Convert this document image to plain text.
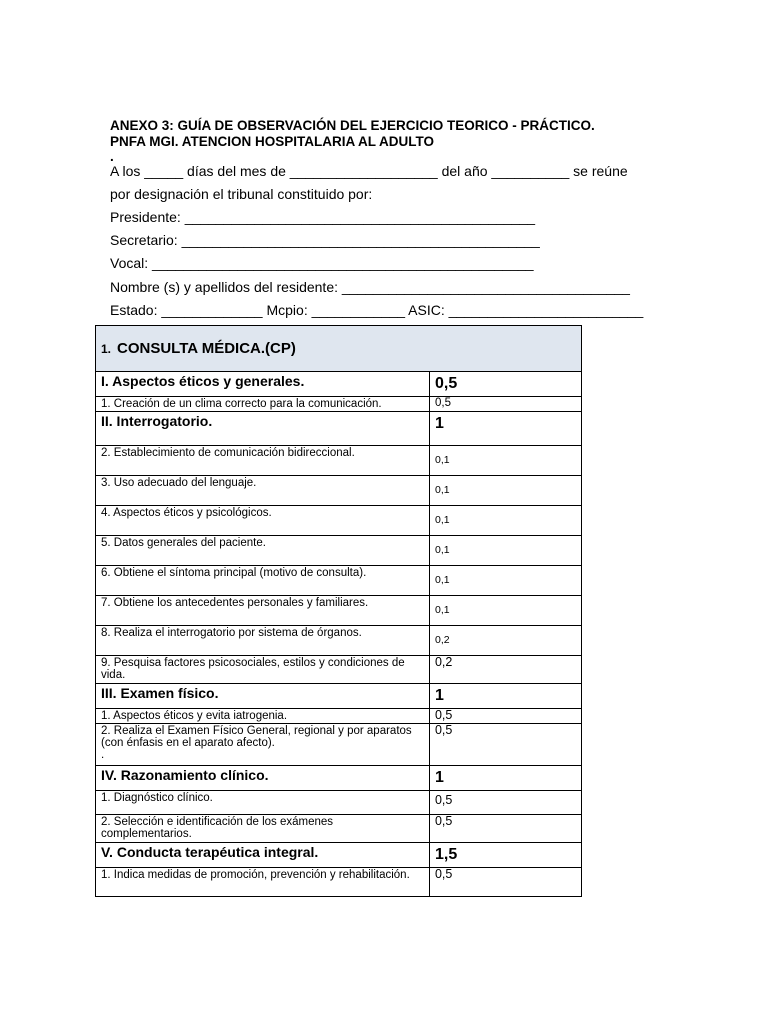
ANEXO 3: GUÍA DE OBSERVACIÓN DEL EJERCICIO TEORICO - PRÁCTICO.
PNFA MGI. ATENCION HOSPITALARIA AL ADULTO
.
A los _____ días del mes de ___________________ del año __________ se reúne
por designación el tribunal constituido por:
Presidente: _____________________________________________
Secretario: ______________________________________________
Vocal: _________________________________________________
Nombre (s) y apellidos del residente: _____________________________________
Estado: _____________ Mcpio: ____________ ASIC: _________________________
1. CONSULTA MÉDICA.(CP)	
I. Aspectos éticos y generales.	0,5
1. Creación de un clima correcto para la comunicación.	0,5
II. Interrogatorio.	1
2. Establecimiento de comunicación bidireccional.	0,1
3. Uso adecuado del lenguaje.	0,1
4. Aspectos éticos y psicológicos.	0,1
5. Datos generales del paciente.	0,1
6. Obtiene el síntoma principal (motivo de consulta).	0,1
7. Obtiene los antecedentes personales y familiares.	0,1
8. Realiza el interrogatorio por sistema de órganos.	0,2
9. Pesquisa factores psicosociales, estilos y condiciones de vida.	0,2
III. Examen físico.	1
1. Aspectos éticos y evita iatrogenia.	0,5
2. Realiza el Examen Físico General, regional y por aparatos (con énfasis en el aparato afecto).
.	0,5
IV. Razonamiento clínico.	1
1. Diagnóstico clínico.	0,5
2. Selección e identificación de los exámenes complementarios.	0,5
V. Conducta terapéutica integral.	1,5
1. Indica medidas de promoción, prevención y rehabilitación.	0,5
